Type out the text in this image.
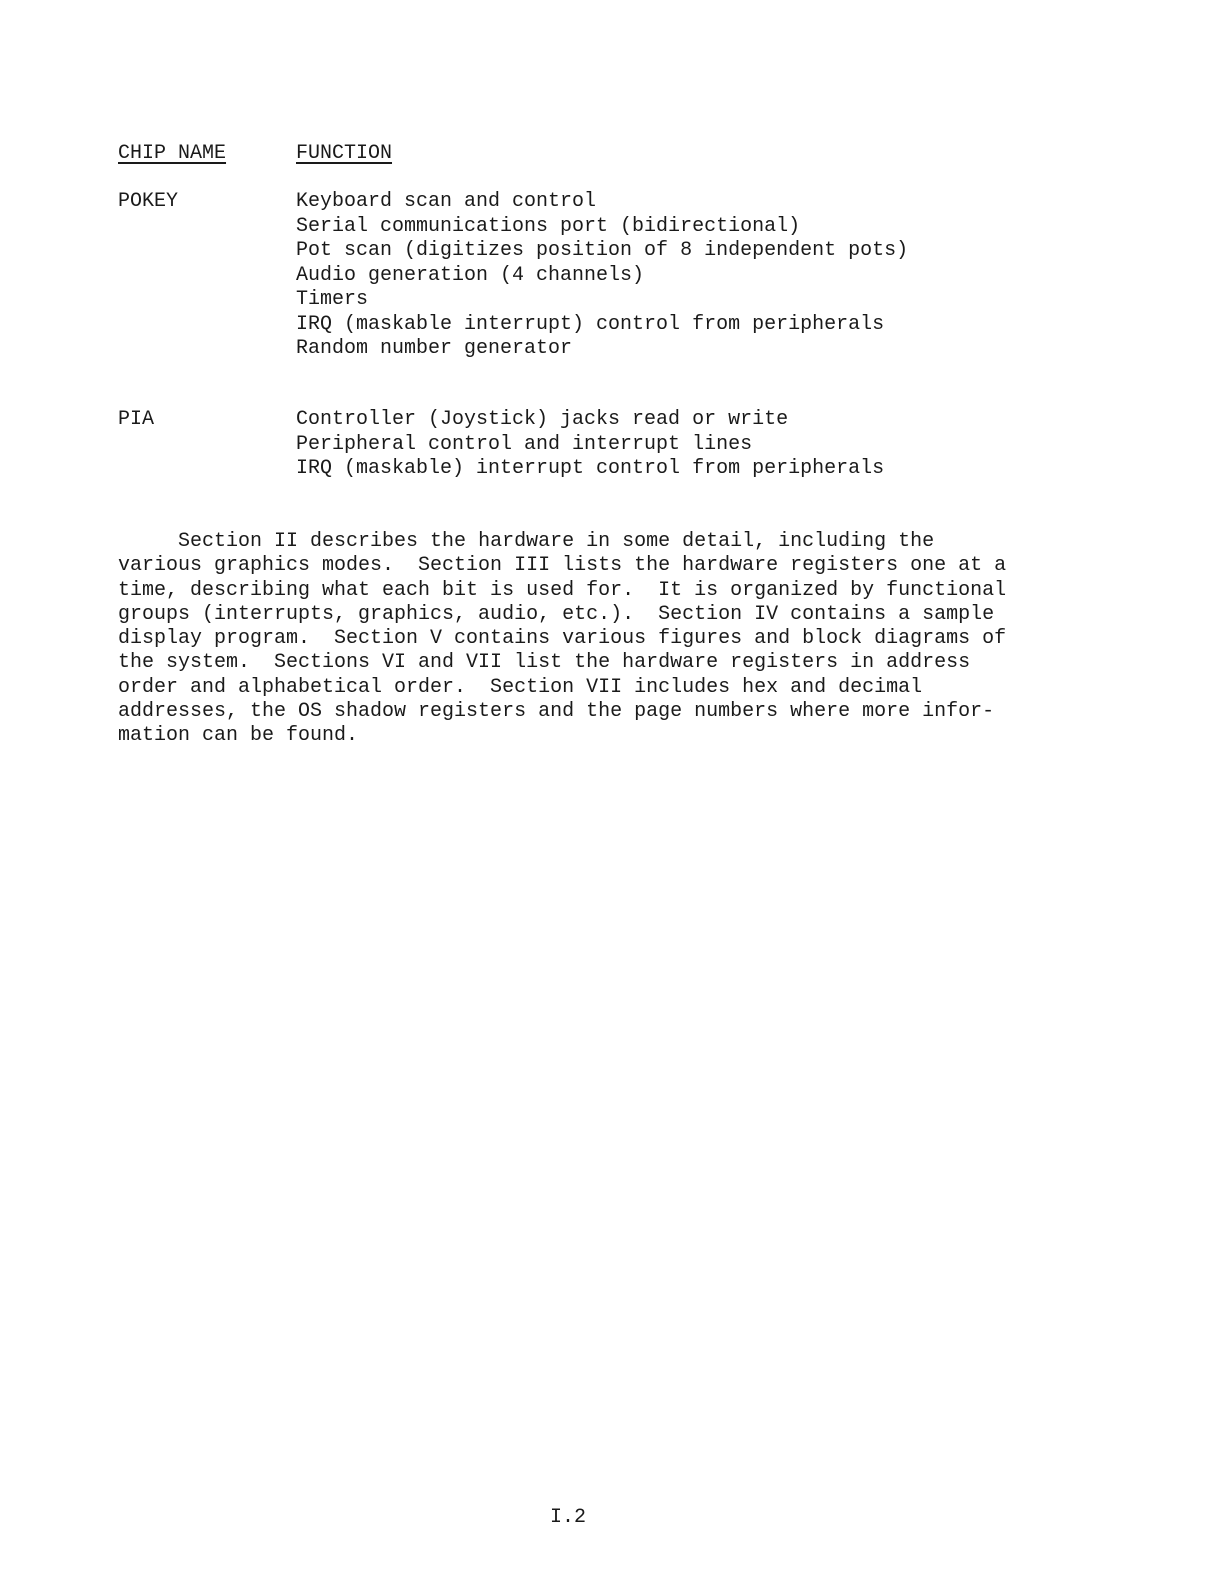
CHIP NAME	FUNCTION
POKEY	Keyboard scan and control
Serial communications port (bidirectional)
Pot scan (digitizes position of 8 independent pots)
Audio generation (4 channels)
Timers
IRQ (maskable interrupt) control from peripherals
Random number generator
PIA	Controller (Joystick) jacks read or write
Peripheral control and interrupt lines
IRQ (maskable) interrupt control from peripherals
Section II describes the hardware in some detail, including the
various graphics modes.  Section III lists the hardware registers one at a
time, describing what each bit is used for.  It is organized by functional
groups (interrupts, graphics, audio, etc.).  Section IV contains a sample
display program.  Section V contains various figures and block diagrams of
the system.  Sections VI and VII list the hardware registers in address
order and alphabetical order.  Section VII includes hex and decimal
addresses, the OS shadow registers and the page numbers where more infor-
mation can be found.
I.2
